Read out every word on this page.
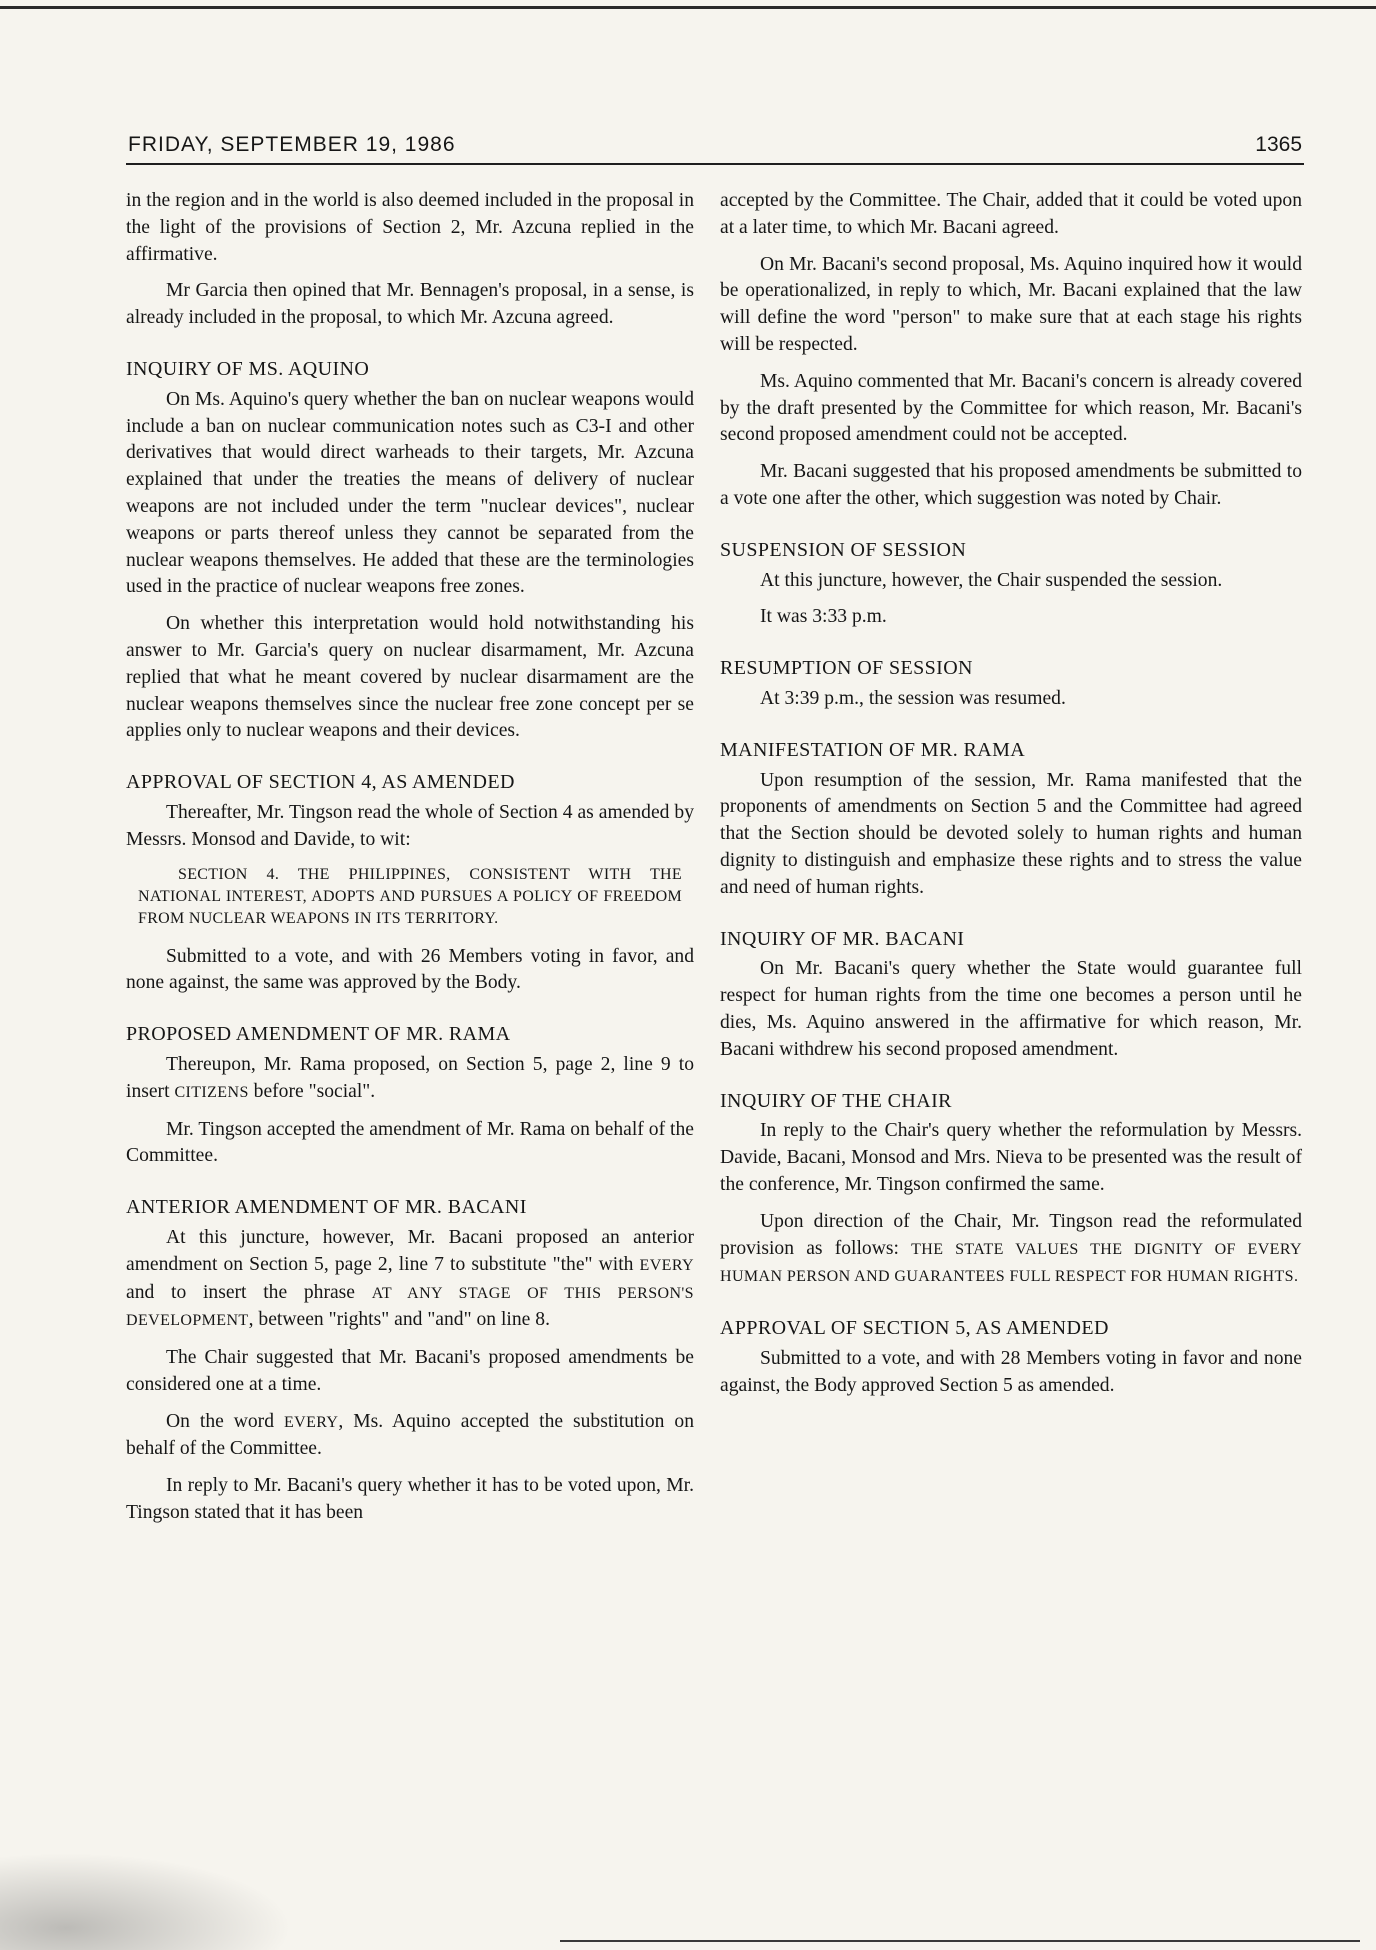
FRIDAY, SEPTEMBER 19, 1986	1365

in the region and in the world is also deemed included in the proposal in the light of the provisions of Section 2, Mr. Azcuna replied in the affirmative.

Mr Garcia then opined that Mr. Bennagen's proposal, in a sense, is already included in the proposal, to which Mr. Azcuna agreed.

INQUIRY OF MS. AQUINO

On Ms. Aquino's query whether the ban on nuclear weapons would include a ban on nuclear communication notes such as C3-I and other derivatives that would direct warheads to their targets, Mr. Azcuna explained that under the treaties the means of delivery of nuclear weapons are not included under the term "nuclear devices", nuclear weapons or parts thereof unless they cannot be separated from the nuclear weapons themselves. He added that these are the terminologies used in the practice of nuclear weapons free zones.

On whether this interpretation would hold notwithstanding his answer to Mr. Garcia's query on nuclear disarmament, Mr. Azcuna replied that what he meant covered by nuclear disarmament are the nuclear weapons themselves since the nuclear free zone concept per se applies only to nuclear weapons and their devices.

APPROVAL OF SECTION 4, AS AMENDED

Thereafter, Mr. Tingson read the whole of Section 4 as amended by Messrs. Monsod and Davide, to wit:

SECTION 4. THE PHILIPPINES, CONSISTENT WITH THE NATIONAL INTEREST, ADOPTS AND PURSUES A POLICY OF FREEDOM FROM NUCLEAR WEAPONS IN ITS TERRITORY.

Submitted to a vote, and with 26 Members voting in favor, and none against, the same was approved by the Body.

PROPOSED AMENDMENT OF MR. RAMA

Thereupon, Mr. Rama proposed, on Section 5, page 2, line 9 to insert CITIZENS before "social".

Mr. Tingson accepted the amendment of Mr. Rama on behalf of the Committee.

ANTERIOR AMENDMENT OF MR. BACANI

At this juncture, however, Mr. Bacani proposed an anterior amendment on Section 5, page 2, line 7 to substitute "the" with EVERY and to insert the phrase AT ANY STAGE OF THIS PERSON'S DEVELOPMENT, between "rights" and "and" on line 8.

The Chair suggested that Mr. Bacani's proposed amendments be considered one at a time.

On the word EVERY, Ms. Aquino accepted the substitution on behalf of the Committee.

In reply to Mr. Bacani's query whether it has to be voted upon, Mr. Tingson stated that it has been

accepted by the Committee. The Chair, added that it could be voted upon at a later time, to which Mr. Bacani agreed.

On Mr. Bacani's second proposal, Ms. Aquino inquired how it would be operationalized, in reply to which, Mr. Bacani explained that the law will define the word "person" to make sure that at each stage his rights will be respected.

Ms. Aquino commented that Mr. Bacani's concern is already covered by the draft presented by the Committee for which reason, Mr. Bacani's second proposed amendment could not be accepted.

Mr. Bacani suggested that his proposed amendments be submitted to a vote one after the other, which suggestion was noted by Chair.

SUSPENSION OF SESSION

At this juncture, however, the Chair suspended the session.

It was 3:33 p.m.

RESUMPTION OF SESSION

At 3:39 p.m., the session was resumed.

MANIFESTATION OF MR. RAMA

Upon resumption of the session, Mr. Rama manifested that the proponents of amendments on Section 5 and the Committee had agreed that the Section should be devoted solely to human rights and human dignity to distinguish and emphasize these rights and to stress the value and need of human rights.

INQUIRY OF MR. BACANI

On Mr. Bacani's query whether the State would guarantee full respect for human rights from the time one becomes a person until he dies, Ms. Aquino answered in the affirmative for which reason, Mr. Bacani withdrew his second proposed amendment.

INQUIRY OF THE CHAIR

In reply to the Chair's query whether the reformulation by Messrs. Davide, Bacani, Monsod and Mrs. Nieva to be presented was the result of the conference, Mr. Tingson confirmed the same.

Upon direction of the Chair, Mr. Tingson read the reformulated provision as follows: THE STATE VALUES THE DIGNITY OF EVERY HUMAN PERSON AND GUARANTEES FULL RESPECT FOR HUMAN RIGHTS.

APPROVAL OF SECTION 5, AS AMENDED

Submitted to a vote, and with 28 Members voting in favor and none against, the Body approved Section 5 as amended.
